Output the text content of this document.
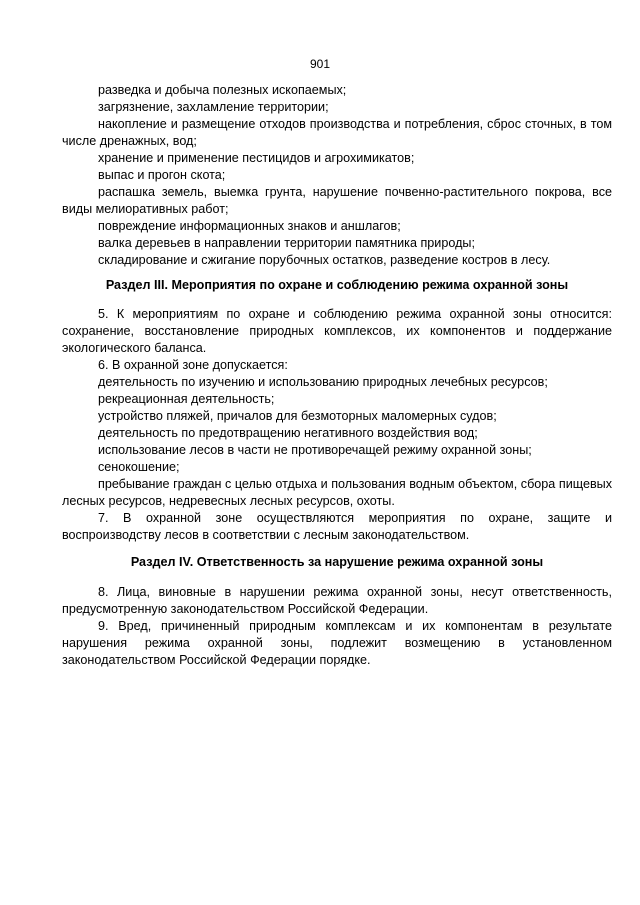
901

разведка и добыча полезных ископаемых;

загрязнение, захламление территории;

накопление и размещение отходов производства и потребления, сброс сточных, в том числе дренажных, вод;

хранение и применение пестицидов и агрохимикатов;

выпас и прогон скота;

распашка земель, выемка грунта, нарушение почвенно-растительного покрова, все виды мелиоративных работ;

повреждение информационных знаков и аншлагов;

валка деревьев в направлении территории памятника природы;

складирование и сжигание порубочных остатков, разведение костров в лесу.

Раздел III. Мероприятия по охране и соблюдению режима охранной зоны

5. К мероприятиям по охране и соблюдению режима охранной зоны относится: сохранение, восстановление природных комплексов, их компонентов и поддержание экологического баланса.

6. В охранной зоне допускается:

деятельность по изучению и использованию природных лечебных ресурсов;

рекреационная деятельность;

устройство пляжей, причалов для безмоторных маломерных судов;

деятельность по предотвращению негативного воздействия вод;

использование лесов в части не противоречащей режиму охранной зоны;

сенокошение;

пребывание граждан с целью отдыха и пользования водным объектом, сбора пищевых лесных ресурсов, недревесных лесных ресурсов, охоты.

7. В охранной зоне осуществляются мероприятия по охране, защите и воспроизводству лесов в соответствии с лесным законодательством.

Раздел IV. Ответственность за нарушение режима охранной зоны

8. Лица, виновные в нарушении режима охранной зоны, несут ответственность, предусмотренную законодательством Российской Федерации.

9. Вред, причиненный природным комплексам и их компонентам в результате нарушения режима охранной зоны, подлежит возмещению в установленном законодательством Российской Федерации порядке.
